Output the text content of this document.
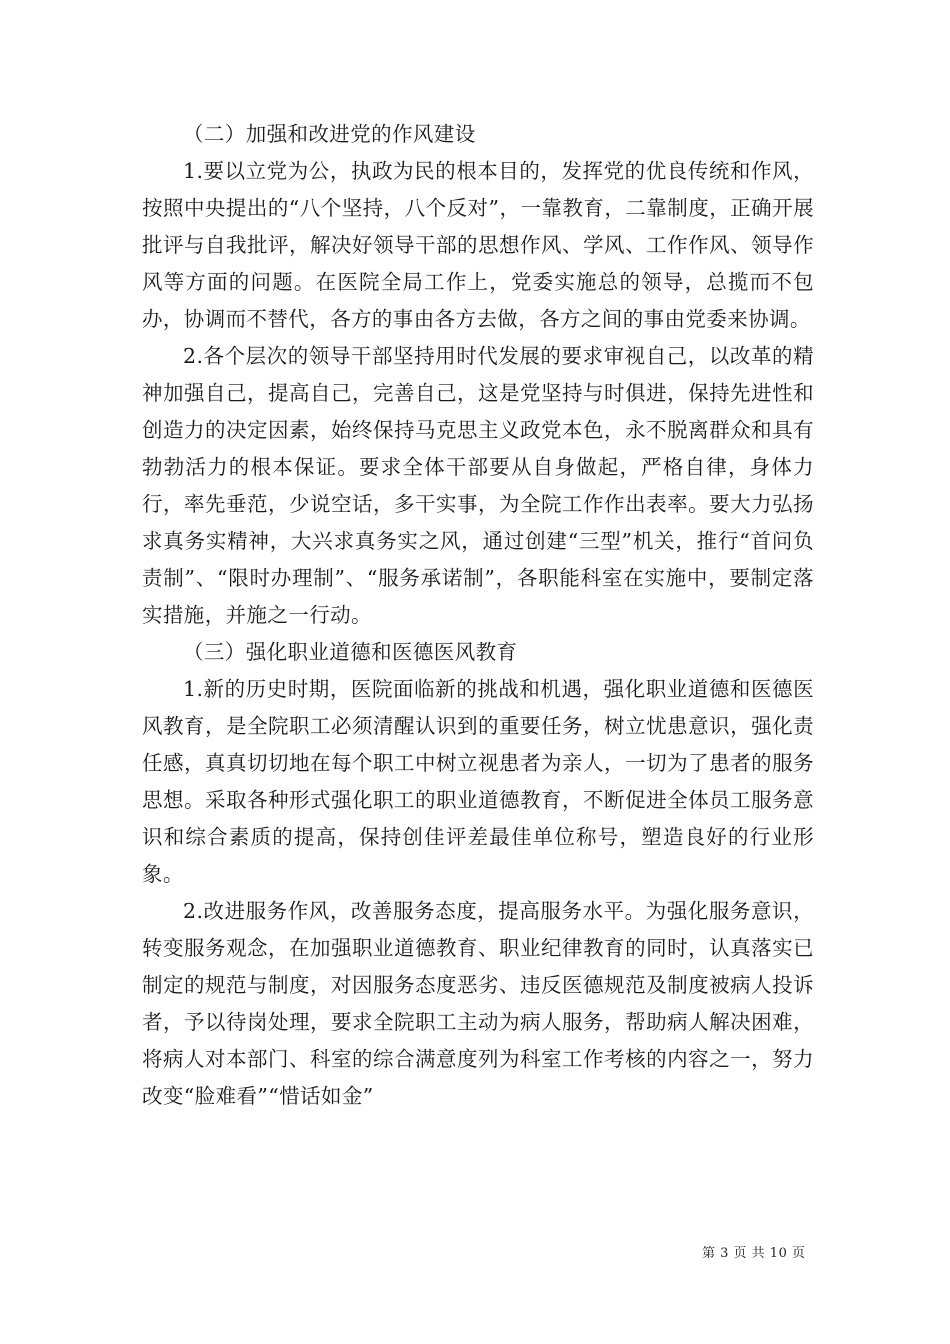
（二）加强和改进党的作风建设

1.要以立党为公，执政为民的根本目的，发挥党的优良传统和作风，按照中央提出的“八个坚持，八个反对”，一靠教育，二靠制度，正确开展批评与自我批评，解决好领导干部的思想作风、学风、工作作风、领导作风等方面的问题。在医院全局工作上，党委实施总的领导，总揽而不包办，协调而不替代，各方的事由各方去做，各方之间的事由党委来协调。

2.各个层次的领导干部坚持用时代发展的要求审视自己，以改革的精神加强自己，提高自己，完善自己，这是党坚持与时俱进，保持先进性和创造力的决定因素，始终保持马克思主义政党本色，永不脱离群众和具有勃勃活力的根本保证。要求全体干部要从自身做起，严格自律，身体力行，率先垂范，少说空话，多干实事，为全院工作作出表率。要大力弘扬求真务实精神，大兴求真务实之风，通过创建“三型”机关，推行“首问负责制”、“限时办理制”、“服务承诺制”，各职能科室在实施中，要制定落实措施，并施之一行动。

（三）强化职业道德和医德医风教育

1.新的历史时期，医院面临新的挑战和机遇，强化职业道德和医德医风教育，是全院职工必须清醒认识到的重要任务，树立忧患意识，强化责任感，真真切切地在每个职工中树立视患者为亲人，一切为了患者的服务思想。采取各种形式强化职工的职业道德教育，不断促进全体员工服务意识和综合素质的提高，保持创佳评差最佳单位称号，塑造良好的行业形象。

2.改进服务作风，改善服务态度，提高服务水平。为强化服务意识，转变服务观念，在加强职业道德教育、职业纪律教育的同时，认真落实已制定的规范与制度，对因服务态度恶劣、违反医德规范及制度被病人投诉者，予以待岗处理，要求全院职工主动为病人服务，帮助病人解决困难，将病人对本部门、科室的综合满意度列为科室工作考核的内容之一，努力改变“脸难看”“惜话如金”

第 3 页 共 10 页
